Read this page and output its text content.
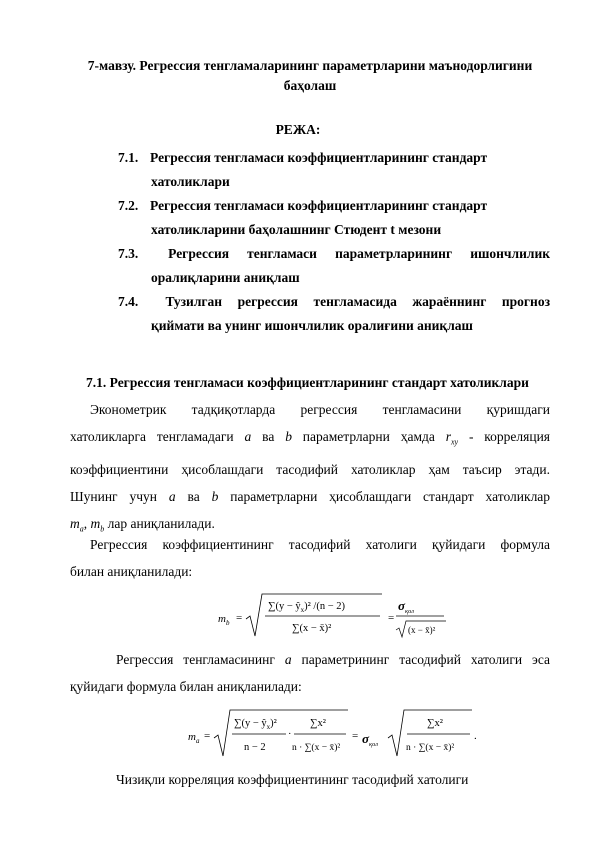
7-мавзу. Регрессия тенгламаларининг параметрларини маънодорлигини баҳолаш
РЕЖА:
7.1. Регрессия тенгламаси коэффициентларининг стандарт
хатоликлари
7.2. Регрессия тенгламаси коэффициентларининг стандарт
хатоликларини баҳолашнинг Стюдент t мезони
7.3. Регрессия тенгламаси параметрларининг ишончлилик
оралиқларини аниқлаш
7.4. Тузилган регрессия тенгламасида жараённинг прогноз
қиймати ва унинг ишончлилик оралиғини аниқлаш
7.1. Регрессия тенгламаси коэффициентларининг стандарт хатоликлари
Эконометрик тадқиқотларда регрессия тенгламасини қуришдаги
хатоликларга тенгламадаги a ва b параметрларни ҳамда $r_{xy}$ - корреляция
коэффициентини ҳисоблашдаги тасодифий хатоликлар ҳам таъсир этади.
Шунинг учун a ва b параметрларни ҳисоблашдаги стандарт хатоликлар
$m_a$, $m_b$ лар аниқланилади.
Регрессия коэффициентининг тасодифий хатолиги қуйидаги формула
билан аниқланилади:
$m_b$ =
$\sum(y - ŷ_x)^2$ /(n − 2)
∑(x − x̄)²
=
$\sigma_{қол}$
(x − x̄)²
Регрессия тенгламасининг a параметрининг тасодифий хатолиги эса
қуйидаги формула билан аниқланилади:
$m_a$ =
$\sum(y - ŷ_x)^2$
n − 2
·
∑x²
n · ∑(x − x̄)²
= $\sigma_{қол}$
∑x²
n · ∑(x − x̄)²
.
Чизиқли корреляция коэффициентининг тасодифий хатолиги
